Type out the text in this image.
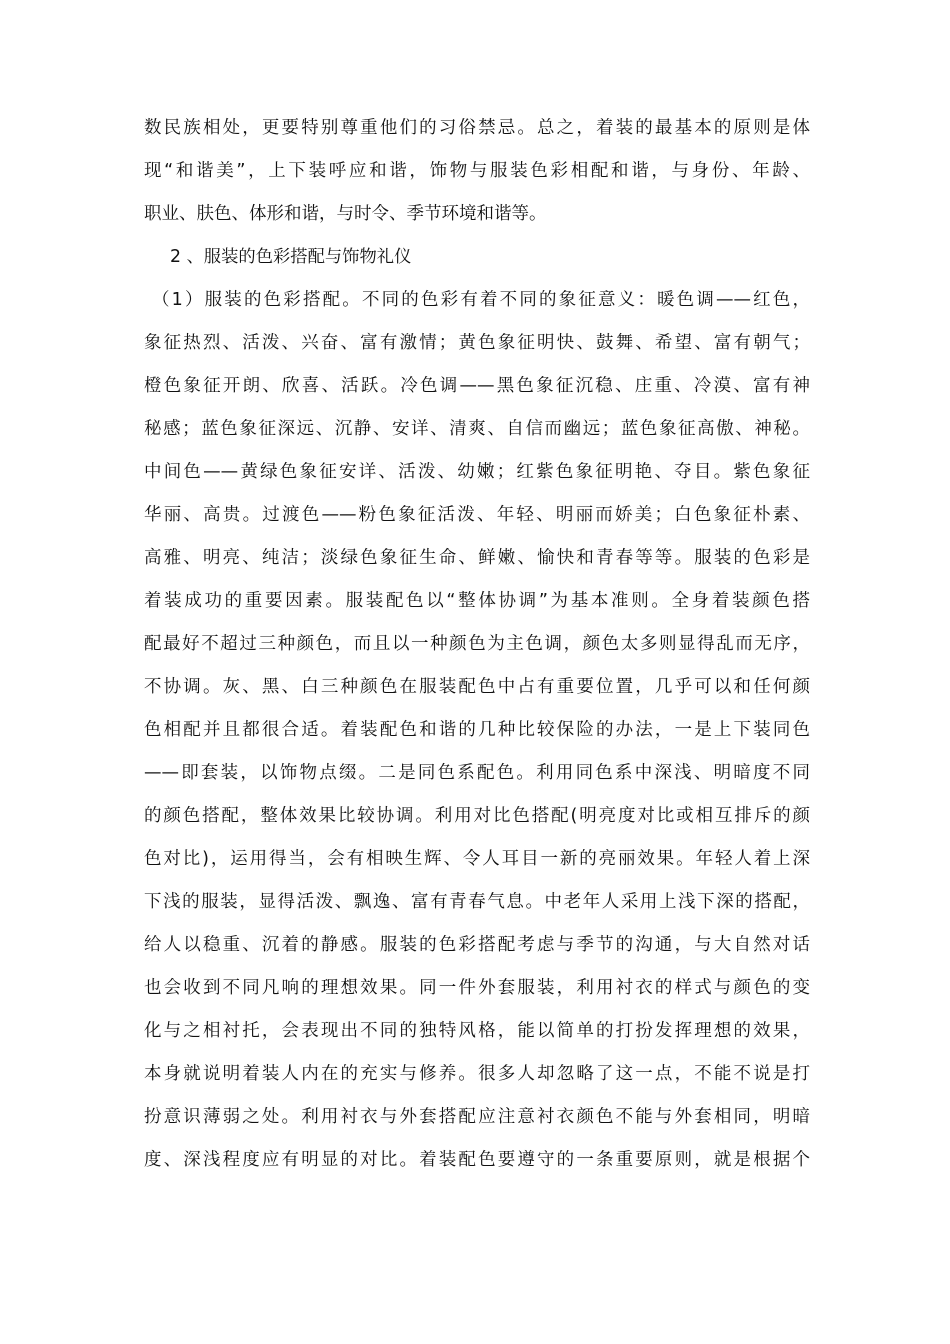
数民族相处，更要特别尊重他们的习俗禁忌。总之，着装的最基本的原则是体
现“和谐美”，上下装呼应和谐，饰物与服装色彩相配和谐，与身份、年龄、
职业、肤色、体形和谐，与时令、季节环境和谐等。
2 、服装的色彩搭配与饰物礼仪
（1）服装的色彩搭配。不同的色彩有着不同的象征意义：暖色调——红色，
象征热烈、活泼、兴奋、富有激情；黄色象征明快、鼓舞、希望、富有朝气；
橙色象征开朗、欣喜、活跃。冷色调——黑色象征沉稳、庄重、冷漠、富有神
秘感；蓝色象征深远、沉静、安详、清爽、自信而幽远；蓝色象征高傲、神秘。
中间色——黄绿色象征安详、活泼、幼嫩；红紫色象征明艳、夺目。紫色象征
华丽、高贵。过渡色——粉色象征活泼、年轻、明丽而娇美；白色象征朴素、
高雅、明亮、纯洁；淡绿色象征生命、鲜嫩、愉快和青春等等。服装的色彩是
着装成功的重要因素。服装配色以“整体协调”为基本准则。全身着装颜色搭
配最好不超过三种颜色，而且以一种颜色为主色调，颜色太多则显得乱而无序，
不协调。灰、黑、白三种颜色在服装配色中占有重要位置，几乎可以和任何颜
色相配并且都很合适。着装配色和谐的几种比较保险的办法，一是上下装同色
——即套装，以饰物点缀。二是同色系配色。利用同色系中深浅、明暗度不同
的颜色搭配，整体效果比较协调。利用对比色搭配(明亮度对比或相互排斥的颜
色对比)，运用得当，会有相映生辉、令人耳目一新的亮丽效果。年轻人着上深
下浅的服装，显得活泼、飘逸、富有青春气息。中老年人采用上浅下深的搭配，
给人以稳重、沉着的静感。服装的色彩搭配考虑与季节的沟通，与大自然对话
也会收到不同凡响的理想效果。同一件外套服装，利用衬衣的样式与颜色的变
化与之相衬托，会表现出不同的独特风格，能以简单的打扮发挥理想的效果，
本身就说明着装人内在的充实与修养。很多人却忽略了这一点，不能不说是打
扮意识薄弱之处。利用衬衣与外套搭配应注意衬衣颜色不能与外套相同，明暗
度、深浅程度应有明显的对比。着装配色要遵守的一条重要原则，就是根据个
